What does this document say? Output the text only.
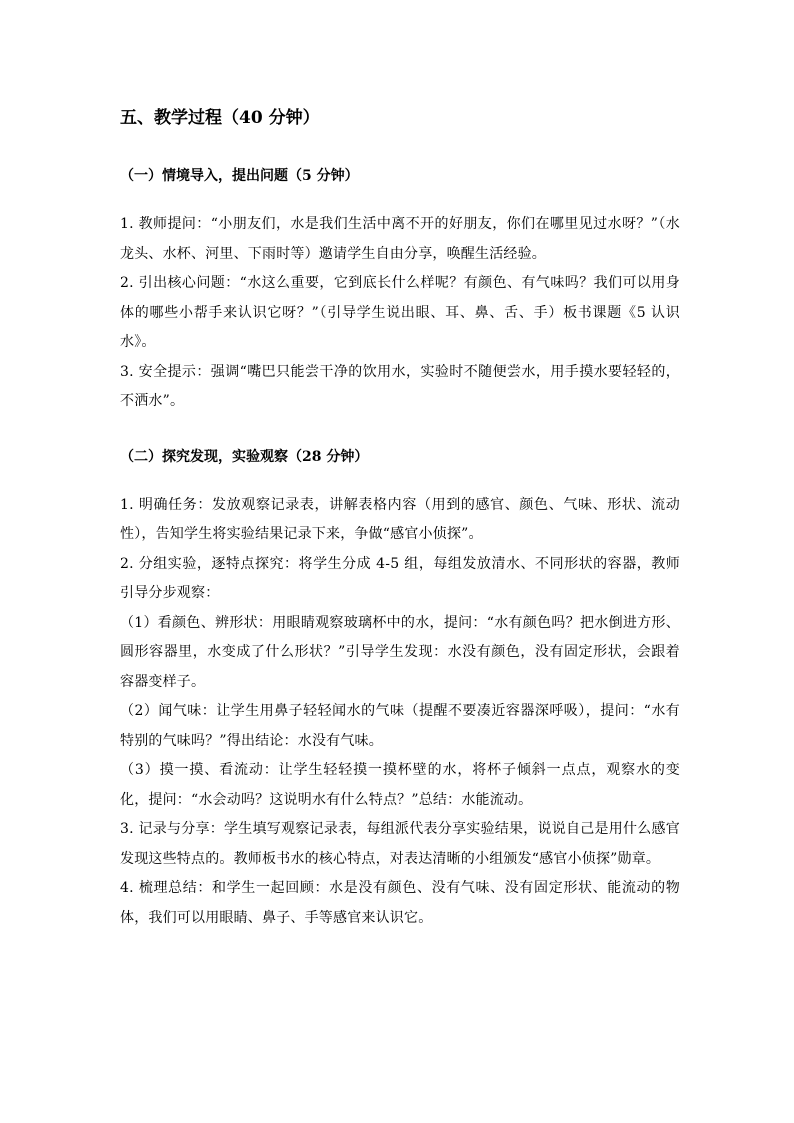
五、教学过程（40 分钟）
（一）情境导入，提出问题（5 分钟）

1. 教师提问：“小朋友们，水是我们生活中离不开的好朋友，你们在哪里见过水呀？”（水龙头、水杯、河里、下雨时等）邀请学生自由分享，唤醒生活经验。

2. 引出核心问题：“水这么重要，它到底长什么样呢？有颜色、有气味吗？我们可以用身体的哪些小帮手来认识它呀？”（引导学生说出眼、耳、鼻、舌、手）板书课题《5 认识水》。

3. 安全提示：强调“嘴巴只能尝干净的饮用水，实验时不随便尝水，用手摸水要轻轻的，不洒水”。

（二）探究发现，实验观察（28 分钟）

1. 明确任务：发放观察记录表，讲解表格内容（用到的感官、颜色、气味、形状、流动性），告知学生将实验结果记录下来，争做“感官小侦探”。

2. 分组实验，逐特点探究：将学生分成 4-5 组，每组发放清水、不同形状的容器，教师引导分步观察：

（1）看颜色、辨形状：用眼睛观察玻璃杯中的水，提问：“水有颜色吗？把水倒进方形、圆形容器里，水变成了什么形状？”引导学生发现：水没有颜色，没有固定形状，会跟着容器变样子。

（2）闻气味：让学生用鼻子轻轻闻水的气味（提醒不要凑近容器深呼吸），提问：“水有特别的气味吗？”得出结论：水没有气味。

（3）摸一摸、看流动：让学生轻轻摸一摸杯壁的水，将杯子倾斜一点点，观察水的变化，提问：“水会动吗？这说明水有什么特点？”总结：水能流动。

3. 记录与分享：学生填写观察记录表，每组派代表分享实验结果，说说自己是用什么感官发现这些特点的。教师板书水的核心特点，对表达清晰的小组颁发“感官小侦探”勋章。

4. 梳理总结：和学生一起回顾：水是没有颜色、没有气味、没有固定形状、能流动的物体，我们可以用眼睛、鼻子、手等感官来认识它。
